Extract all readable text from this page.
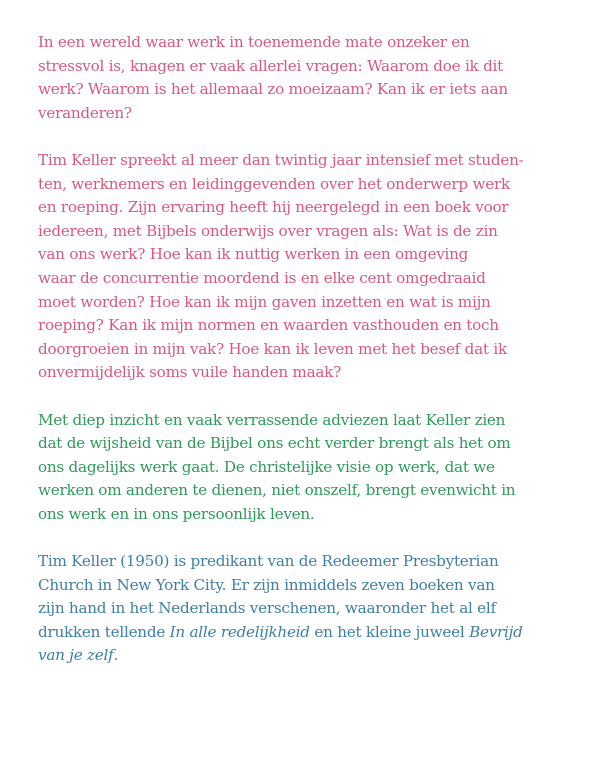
In een wereld waar werk in toenemende mate onzeker en
stressvol is, knagen er vaak allerlei vragen: Waarom doe ik dit
werk? Waarom is het allemaal zo moeizaam? Kan ik er iets aan
veranderen?

Tim Keller spreekt al meer dan twintig jaar intensief met studen-
ten, werknemers en leidinggevenden over het onderwerp werk
en roeping. Zijn ervaring heeft hij neergelegd in een boek voor
iedereen, met Bijbels onderwijs over vragen als: Wat is de zin
van ons werk? Hoe kan ik nuttig werken in een omgeving
waar de concurrentie moordend is en elke cent omgedraaid
moet worden? Hoe kan ik mijn gaven inzetten en wat is mijn
roeping? Kan ik mijn normen en waarden vasthouden en toch
doorgroeien in mijn vak? Hoe kan ik leven met het besef dat ik
onvermijdelijk soms vuile handen maak?

Met diep inzicht en vaak verrassende adviezen laat Keller zien
dat de wijsheid van de Bijbel ons echt verder brengt als het om
ons dagelijks werk gaat. De christelijke visie op werk, dat we
werken om anderen te dienen, niet onszelf, brengt evenwicht in
ons werk en in ons persoonlijk leven.

Tim Keller (1950) is predikant van de Redeemer Presbyterian
Church in New York City. Er zijn inmiddels zeven boeken van
zijn hand in het Nederlands verschenen, waaronder het al elf
drukken tellende In alle redelijkheid en het kleine juweel Bevrijd
van je zelf.
